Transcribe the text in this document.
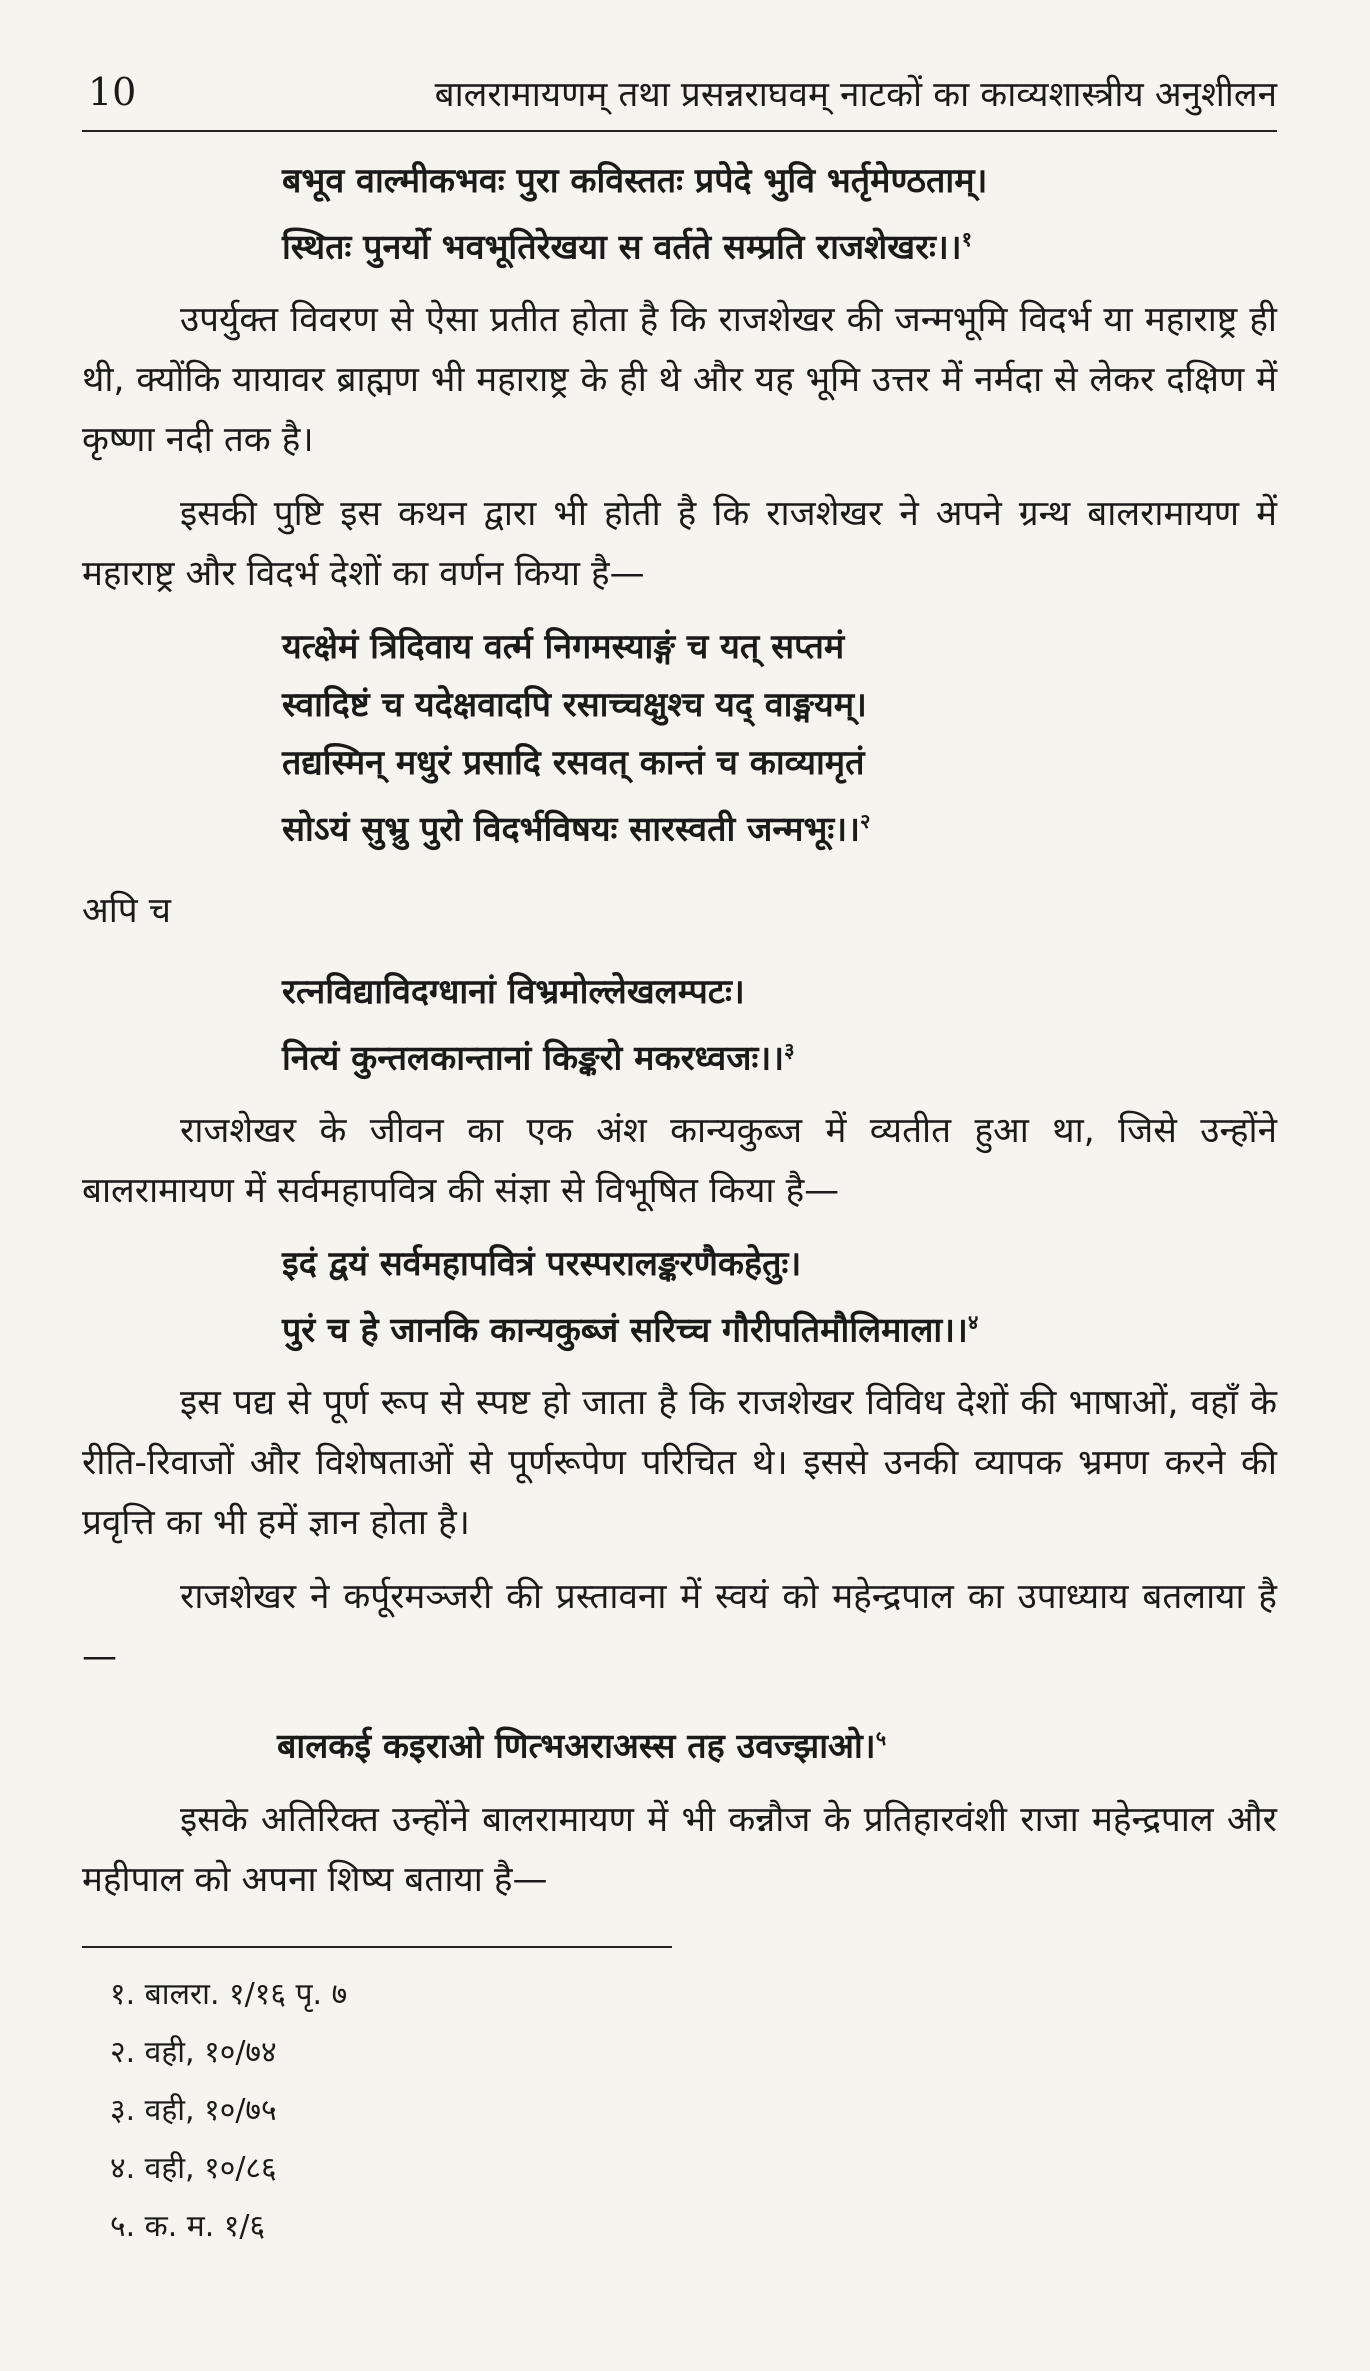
10	बालरामायणम् तथा प्रसन्नराघवम् नाटकों का काव्यशास्त्रीय अनुशीलन
बभूव वाल्मीकभवः पुरा कविस्ततः प्रपेदे भुवि भर्तृमेण्ठताम्।
स्थितः पुनर्यो भवभूतिरेखया स वर्तते सम्प्रति राजशेखरः।।$^१$

उपर्युक्त विवरण से ऐसा प्रतीत होता है कि राजशेखर की जन्मभूमि विदर्भ या महाराष्ट्र ही थी, क्योंकि यायावर ब्राह्मण भी महाराष्ट्र के ही थे और यह भूमि उत्तर में नर्मदा से लेकर दक्षिण में कृष्णा नदी तक है।

इसकी पुष्टि इस कथन द्वारा भी होती है कि राजशेखर ने अपने ग्रन्थ बालरामायण में महाराष्ट्र और विदर्भ देशों का वर्णन किया है—

यत्क्षेमं त्रिदिवाय वर्त्म निगमस्याङ्गं च यत् सप्तमं
स्वादिष्टं च यदेक्षवादपि रसाच्चक्षुश्च यद् वाङ्मयम्।
तद्यस्मिन् मधुरं प्रसादि रसवत् कान्तं च काव्यामृतं
सोऽयं सुभ्रु पुरो विदर्भविषयः सारस्वती जन्मभूः।।$^२$
अपि च
रत्नविद्याविदग्धानां विभ्रमोल्लेखलम्पटः।
नित्यं कुन्तलकान्तानां किङ्करो मकरध्वजः।।$^३$

राजशेखर के जीवन का एक अंश कान्यकुब्ज में व्यतीत हुआ था, जिसे उन्होंने बालरामायण में सर्वमहापवित्र की संज्ञा से विभूषित किया है—

इदं द्वयं सर्वमहापवित्रं परस्परालङ्करणैकहेतुः।
पुरं च हे जानकि कान्यकुब्जं सरिच्च गौरीपतिमौलिमाला।।$^४$

इस पद्य से पूर्ण रूप से स्पष्ट हो जाता है कि राजशेखर विविध देशों की भाषाओं, वहाँ के रीति-रिवाजों और विशेषताओं से पूर्णरूपेण परिचित थे। इससे उनकी व्यापक भ्रमण करने की प्रवृत्ति का भी हमें ज्ञान होता है।

राजशेखर ने कर्पूरमञ्जरी की प्रस्तावना में स्वयं को महेन्द्रपाल का उपाध्याय बतलाया है—

बालकई कइराओ णित्भअराअस्स तह उवज्झाओ।$^५$

इसके अतिरिक्त उन्होंने बालरामायण में भी कन्नौज के प्रतिहारवंशी राजा महेन्द्रपाल और महीपाल को अपना शिष्य बताया है—

१. बालरा. १/१६ पृ. ७
२. वही, १०/७४
३. वही, १०/७५
४. वही, १०/८६
५. क. म. १/६
